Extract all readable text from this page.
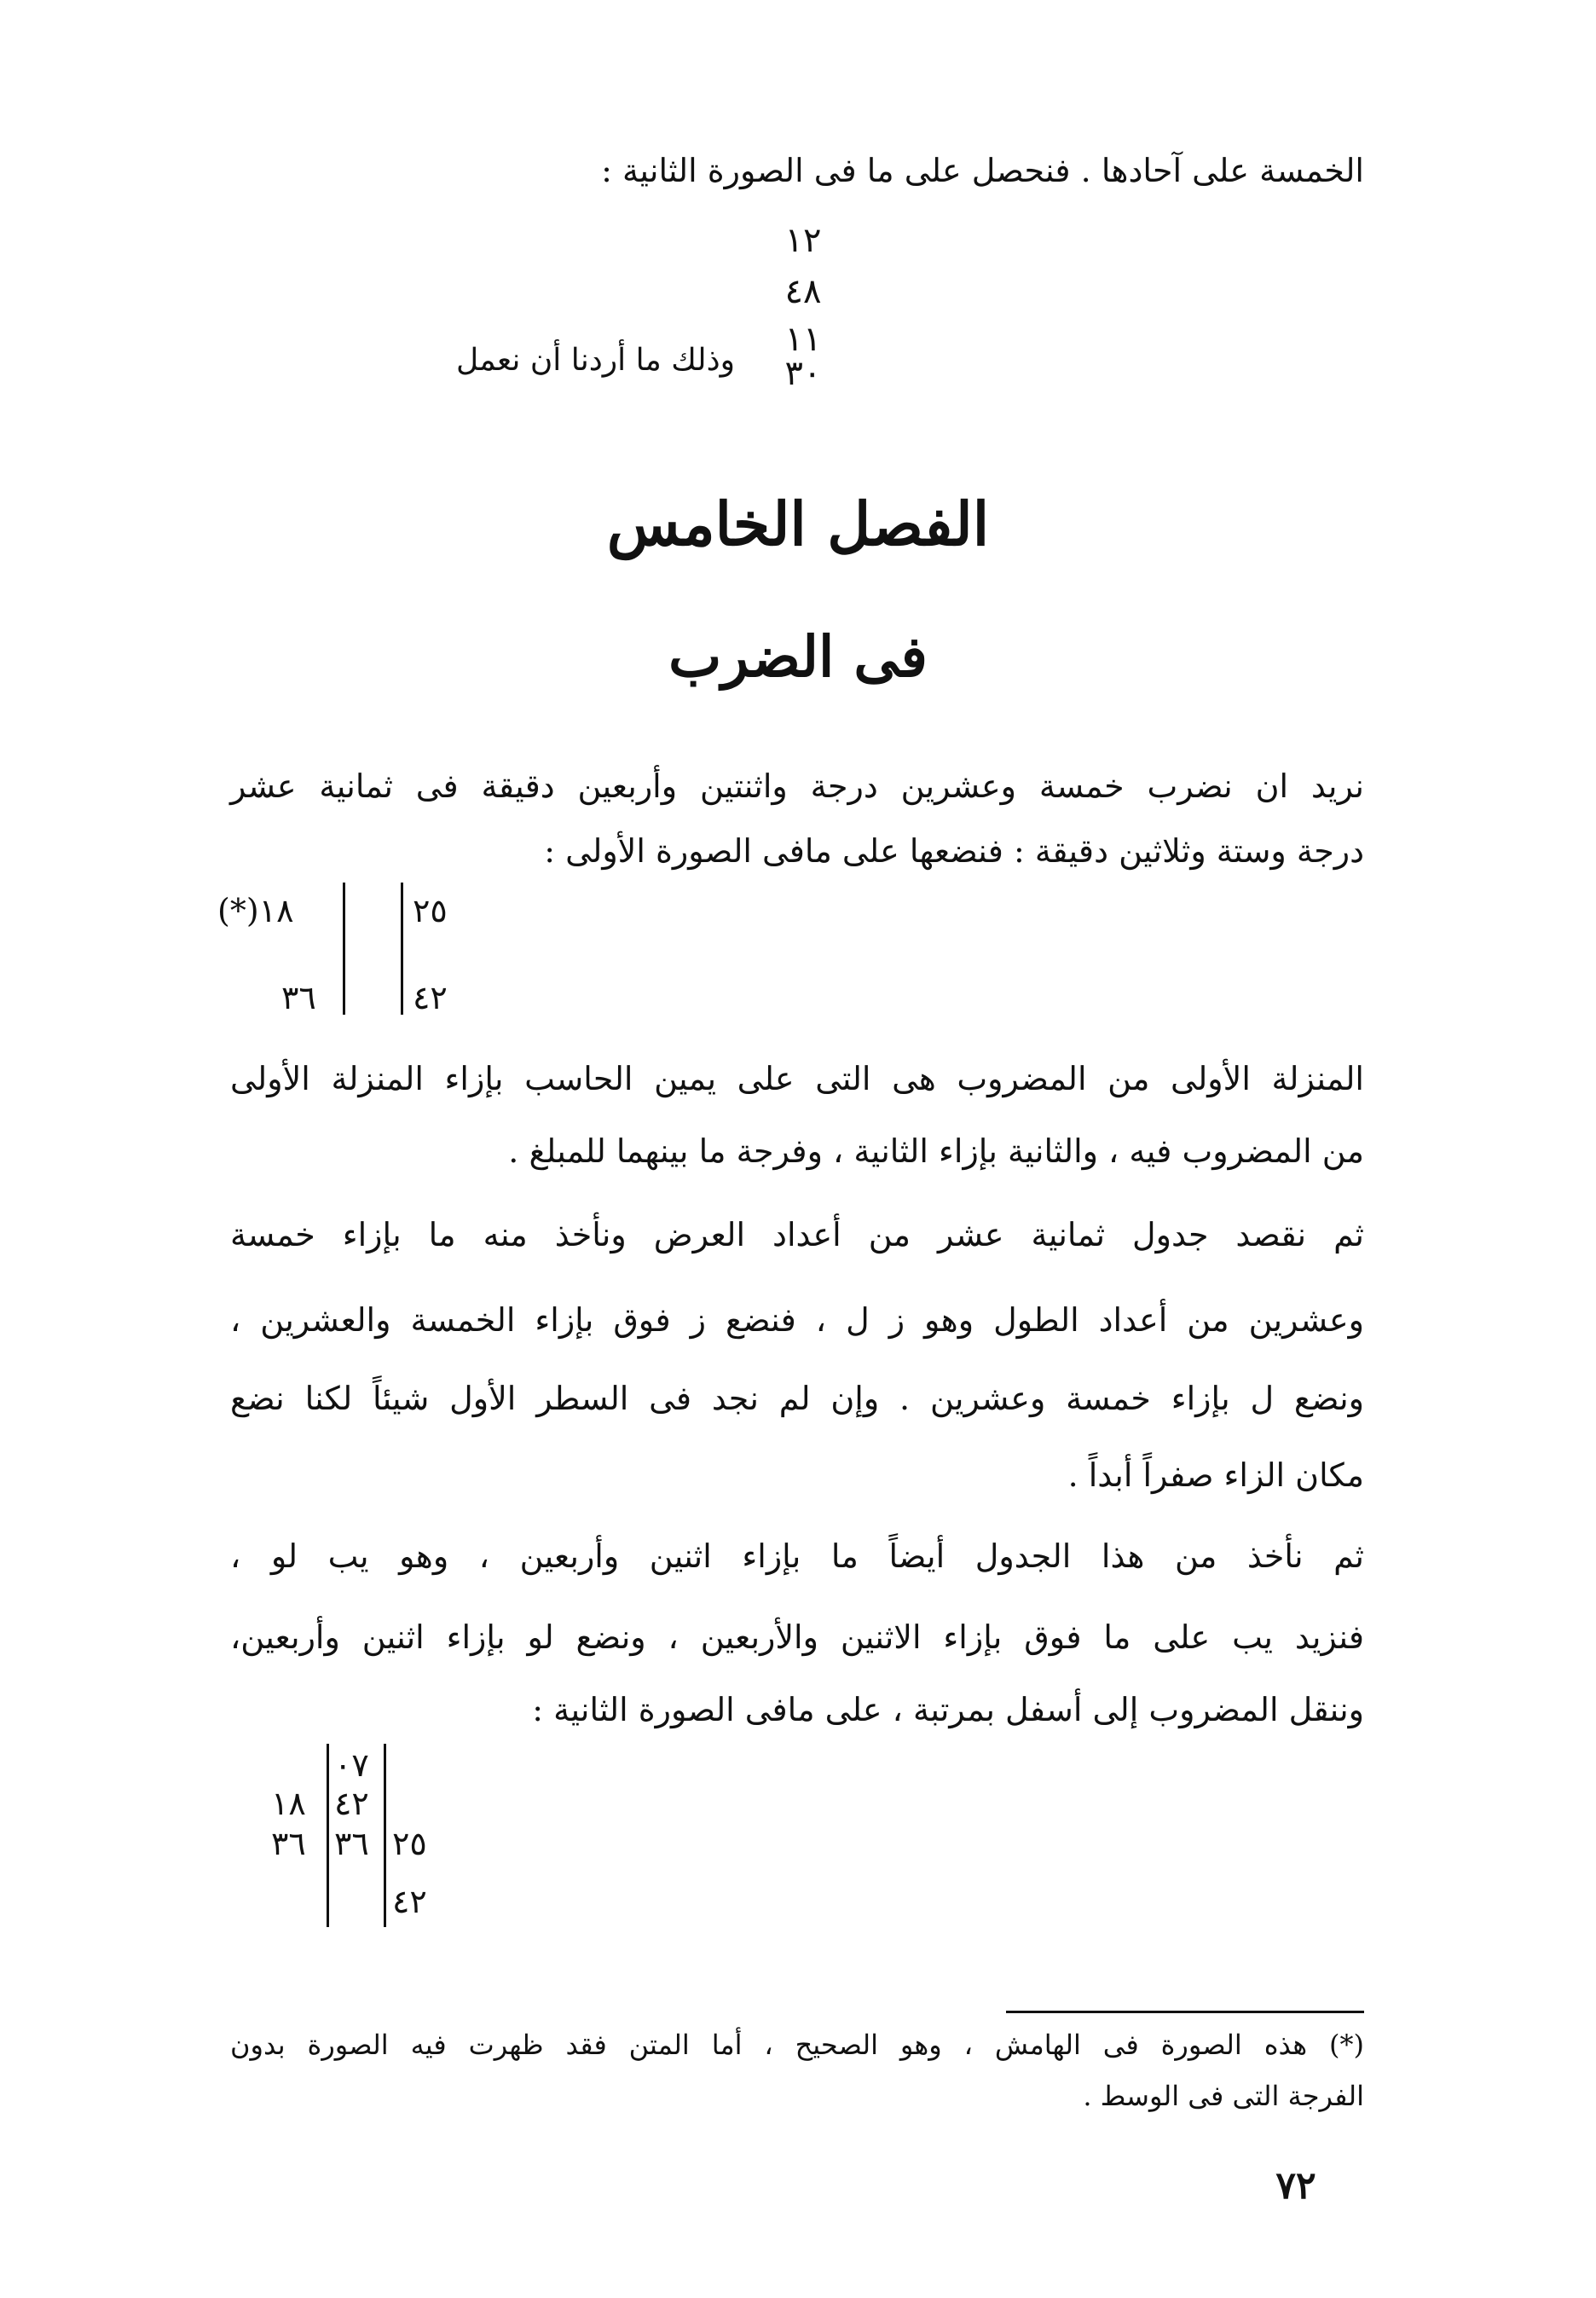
الخمسة على آحادها . فنحصل على ما فى الصورة الثانية :
١٢
٤٨
١١
٣٠
وذلك ما أردنا أن نعمل
الفصل الخامس
فى الضرب
نريد ان نضرب خمسة وعشرين درجة واثنتين وأربعين دقيقة فى ثمانية عشر
درجة وستة وثلاثين دقيقة : فنضعها على مافى الصورة الأولى :
٢٥
٤٢
١٨(*)
٣٦
المنزلة الأولى من المضروب هى التى على يمين الحاسب بإزاء المنزلة الأولى
من المضروب فيه ، والثانية بإزاء الثانية ، وفرجة ما بينهما للمبلغ .
ثم نقصد جدول ثمانية عشر من أعداد العرض ونأخذ منه ما بإزاء خمسة
وعشرين من أعداد الطول وهو ز ل ، فنضع ز فوق بإزاء الخمسة والعشرين ،
ونضع ل بإزاء خمسة وعشرين . وإن لم نجد فى السطر الأول شيئاً لكنا نضع
مكان الزاء صفراً أبداً .
ثم نأخذ من هذا الجدول أيضاً ما بإزاء اثنين وأربعين ، وهو يب لو ،
فنزيد يب على ما فوق بإزاء الاثنين والأربعين ، ونضع لو بإزاء اثنين وأربعين،
وننقل المضروب إلى أسفل بمرتبة ، على مافى الصورة الثانية :
٠٧
٤٢
٣٦
١٨
٣٦	٢٥
٤٢
(*) هذه الصورة فى الهامش ، وهو الصحيح ، أما المتن فقد ظهرت فيه الصورة بدون
الفرجة التى فى الوسط .
٧٢
